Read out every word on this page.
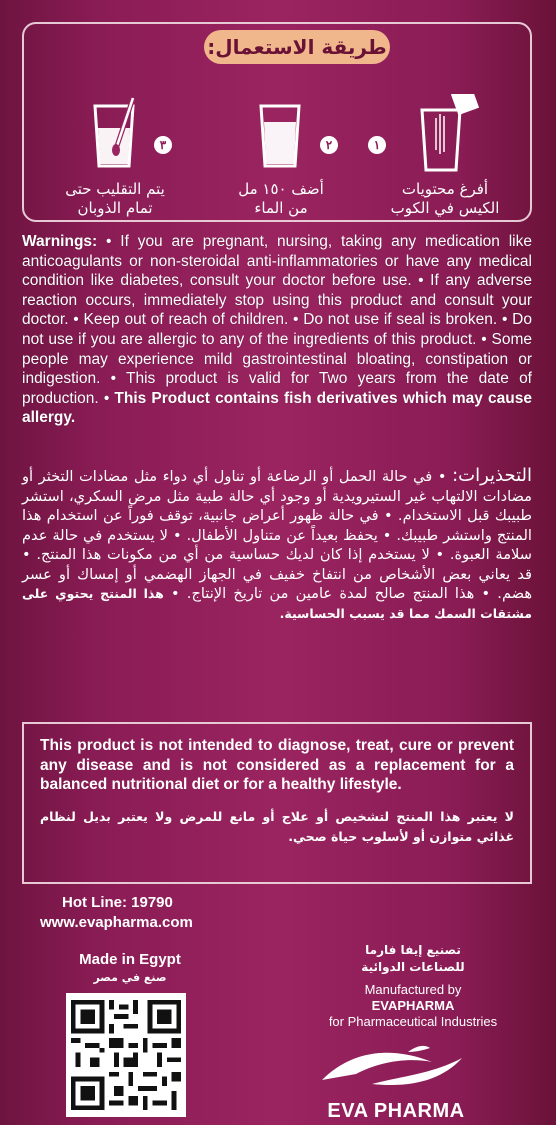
طريقة الاستعمال:
٣
يتم التقليب حتى
تمام الذوبان
٢
أضف ١٥٠ مل
من الماء
١
أفرغ محتويات
الكيس في الكوب
Warnings: • If you are pregnant, nursing, taking any medication like anticoagulants or non-steroidal anti-inflammatories or have any medical condition like diabetes, consult your doctor before use. • If any adverse reaction occurs, immediately stop using this product and consult your doctor. • Keep out of reach of children. • Do not use if seal is broken. • Do not use if you are allergic to any of the ingredients of this product. • Some people may experience mild gastrointestinal bloating, constipation or indigestion. • This product is valid for Two years from the date of production. • This Product contains fish derivatives which may cause allergy.
التحذيرات: • في حالة الحمل أو الرضاعة أو تناول أي دواء مثل مضادات التخثر أو مضادات الالتهاب غير الستيرويدية أو وجود أي حالة طبية مثل مرض السكري، استشر طبيبك قبل الاستخدام. • في حالة ظهور أعراض جانبية، توقف فوراً عن استخدام هذا المنتج واستشر طبيبك. • يحفظ بعيداً عن متناول الأطفال. • لا يستخدم في حالة عدم سلامة العبوة. • لا يستخدم إذا كان لديك حساسية من أي من مكونات هذا المنتج. • قد يعاني بعض الأشخاص من انتفاخ خفيف في الجهاز الهضمي أو إمساك أو عسر هضم. • هذا المنتج صالح لمدة عامين من تاريخ الإنتاج. • هذا المنتج يحتوي على مشتقات السمك مما قد يسبب الحساسية.
This product is not intended to diagnose, treat, cure or prevent any disease and is not considered as a replacement for a balanced nutritional diet or for a healthy lifestyle.
لا يعتبر هذا المنتج لتشخيص أو علاج أو مانع للمرض ولا يعتبر بديل لنظام غذائي متوازن أو لأسلوب حياة صحي.
Hot Line: 19790
www.evapharma.com
Made in Egypt
صنع في مصر
تصنيع إيفا فارما
للصناعات الدوائية
Manufactured by
EVAPHARMA
for Pharmaceutical Industries
EVA PHARMA
